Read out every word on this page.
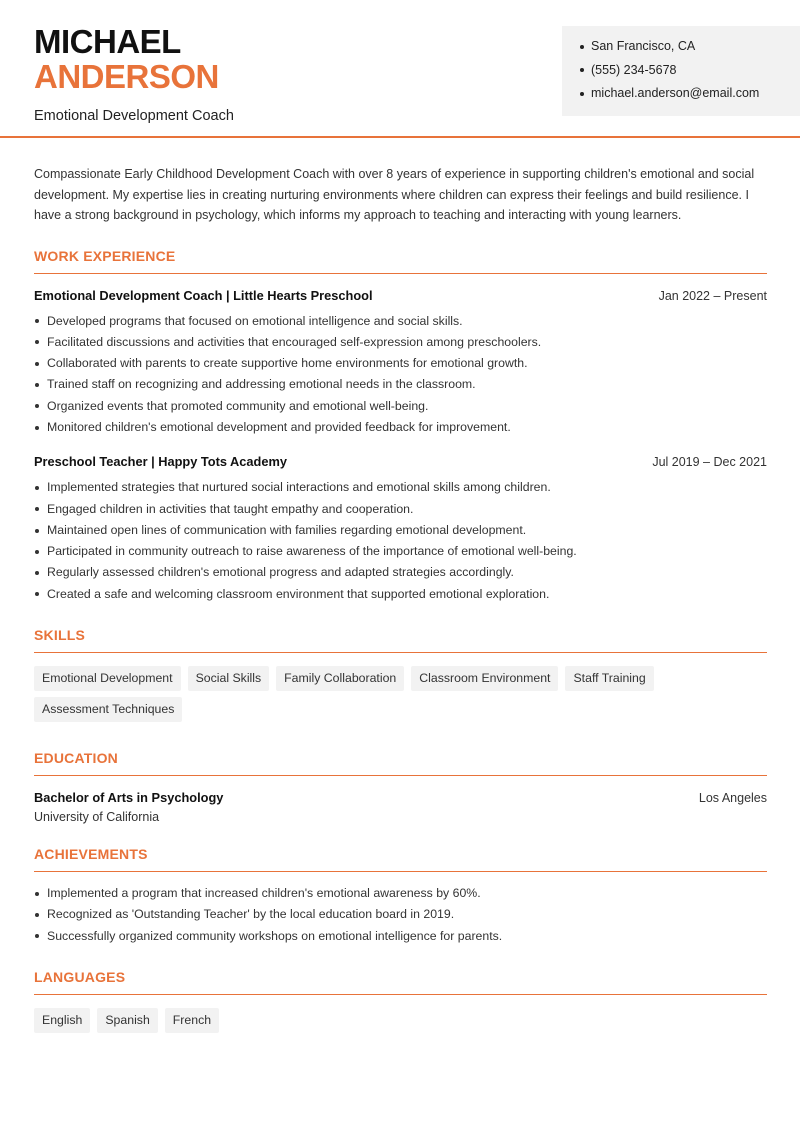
MICHAEL
ANDERSON
Emotional Development Coach
San Francisco, CA
(555) 234-5678
michael.anderson@email.com

Compassionate Early Childhood Development Coach with over 8 years of experience in supporting children's emotional and social development. My expertise lies in creating nurturing environments where children can express their feelings and build resilience. I have a strong background in psychology, which informs my approach to teaching and interacting with young learners.

WORK EXPERIENCE
Emotional Development Coach | Little Hearts Preschool	Jan 2022 – Present
Developed programs that focused on emotional intelligence and social skills.
Facilitated discussions and activities that encouraged self-expression among preschoolers.
Collaborated with parents to create supportive home environments for emotional growth.
Trained staff on recognizing and addressing emotional needs in the classroom.
Organized events that promoted community and emotional well-being.
Monitored children's emotional development and provided feedback for improvement.
Preschool Teacher | Happy Tots Academy	Jul 2019 – Dec 2021
Implemented strategies that nurtured social interactions and emotional skills among children.
Engaged children in activities that taught empathy and cooperation.
Maintained open lines of communication with families regarding emotional development.
Participated in community outreach to raise awareness of the importance of emotional well-being.
Regularly assessed children's emotional progress and adapted strategies accordingly.
Created a safe and welcoming classroom environment that supported emotional exploration.
SKILLS
Emotional Development	Social Skills	Family Collaboration	Classroom Environment	Staff Training
Assessment Techniques
EDUCATION
Bachelor of Arts in Psychology	Los Angeles
University of California
ACHIEVEMENTS
Implemented a program that increased children's emotional awareness by 60%.
Recognized as 'Outstanding Teacher' by the local education board in 2019.
Successfully organized community workshops on emotional intelligence for parents.
LANGUAGES
English	Spanish	French
